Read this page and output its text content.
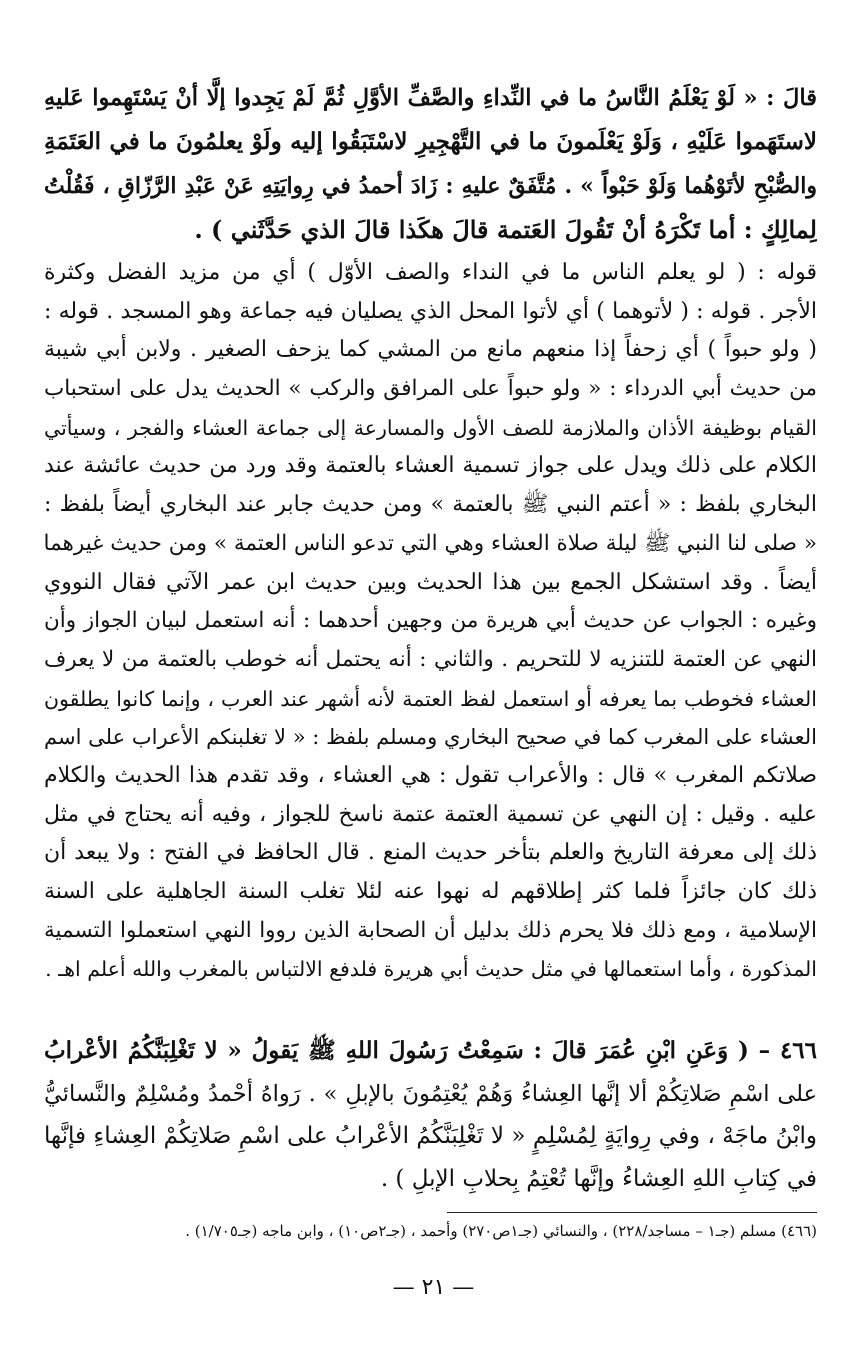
قالَ : « لَوْ يَعْلَمُ النَّاسُ ما في النِّداءِ والصَّفِّ الأوَّلِ ثُمَّ لَمْ يَجِدوا إلَّا أنْ يَسْتَهِموا عَليهِ
لاستَهَموا عَلَيْهِ ، وَلَوْ يَعْلَمونَ ما في التَّهْجِيرِ لاسْتَبَقُوا إليه ولَوْ يعلمُونَ ما في العَتَمَةِ
والصُّبْحِ لأتَوْهُما وَلَوْ حَبْواً » . مُتَّفَقٌ عليهِ : زَادَ أحمدُ في رِوايَتِهِ عَنْ عَبْدِ الرَّزّاقِ ، فَقُلْتُ
لِمالِكٍ : أما تَكْرَهُ أنْ تَقُولَ العَتمة قالَ هكَذا قالَ الذي حَدَّثَني ) .
قوله : ( لو يعلم الناس ما في النداء والصف الأوّل ) أي من مزيد الفضل وكثرة
الأجر . قوله : ( لأتوهما ) أي لأتوا المحل الذي يصليان فيه جماعة وهو المسجد . قوله :
( ولو حبواً ) أي زحفاً إذا منعهم مانع من المشي كما يزحف الصغير . ولابن أبي شيبة
من حديث أبي الدرداء : « ولو حبواً على المرافق والركب » الحديث يدل على استحباب
القيام بوظيفة الأذان والملازمة للصف الأول والمسارعة إلى جماعة العشاء والفجر ، وسيأتي
الكلام على ذلك ويدل على جواز تسمية العشاء بالعتمة وقد ورد من حديث عائشة عند
البخاري بلفظ : « أعتم النبي ﷺ بالعتمة » ومن حديث جابر عند البخاري أيضاً بلفظ :
« صلى لنا النبي ﷺ ليلة صلاة العشاء وهي التي تدعو الناس العتمة » ومن حديث غيرهما
أيضاً . وقد استشكل الجمع بين هذا الحديث وبين حديث ابن عمر الآتي فقال النووي
وغيره : الجواب عن حديث أبي هريرة من وجهين أحدهما : أنه استعمل لبيان الجواز وأن
النهي عن العتمة للتنزيه لا للتحريم . والثاني : أنه يحتمل أنه خوطب بالعتمة من لا يعرف
العشاء فخوطب بما يعرفه أو استعمل لفظ العتمة لأنه أشهر عند العرب ، وإنما كانوا يطلقون
العشاء على المغرب كما في صحيح البخاري ومسلم بلفظ : « لا تغلبنكم الأعراب على اسم
صلاتكم المغرب » قال : والأعراب تقول : هي العشاء ، وقد تقدم هذا الحديث والكلام
عليه . وقيل : إن النهي عن تسمية العتمة عتمة ناسخ للجواز ، وفيه أنه يحتاج في مثل
ذلك إلى معرفة التاريخ والعلم بتأخر حديث المنع . قال الحافظ في الفتح : ولا يبعد أن
ذلك كان جائزاً فلما كثر إطلاقهم له نهوا عنه لئلا تغلب السنة الجاهلية على السنة
الإسلامية ، ومع ذلك فلا يحرم ذلك بدليل أن الصحابة الذين رووا النهي استعملوا التسمية
المذكورة ، وأما استعمالها في مثل حديث أبي هريرة فلدفع الالتباس بالمغرب والله أعلم اهـ .
٤٦٦ – ( وَعَنِ ابْنِ عُمَرَ قالَ : سَمِعْتُ رَسُولَ اللهِ ﷺ يَقولُ « لا تَغْلِبَنَّكُمُ الأعْرابُ
على اسْمِ صَلاتِكُمْ ألا إنَّها العِشاءُ وَهُمْ يُعْتِمُونَ بالإبلِ » . رَواهُ أحْمدُ ومُسْلِمٌ والنَّسائيُّ
وابْنُ ماجَهْ ، وفي رِوايَةٍ لِمُسْلِمٍ « لا تَغْلِبَنَّكُمُ الأعْرابُ على اسْمِ صَلاتِكُمْ العِشاءِ فإنَّها
في كِتابِ اللهِ العِشاءُ وإنَّها تُعْتِمُ بِحلابِ الإبلِ ) .
(٤٦٦) مسلم (جـ١ – مساجد/٢٢٨) ، والنسائي (جـ١ص٢٧٠) وأحمد ، (جـ٢ص١٠) ، وابن ماجه (جـ١/٧٠٥) .
— ٢١ —
